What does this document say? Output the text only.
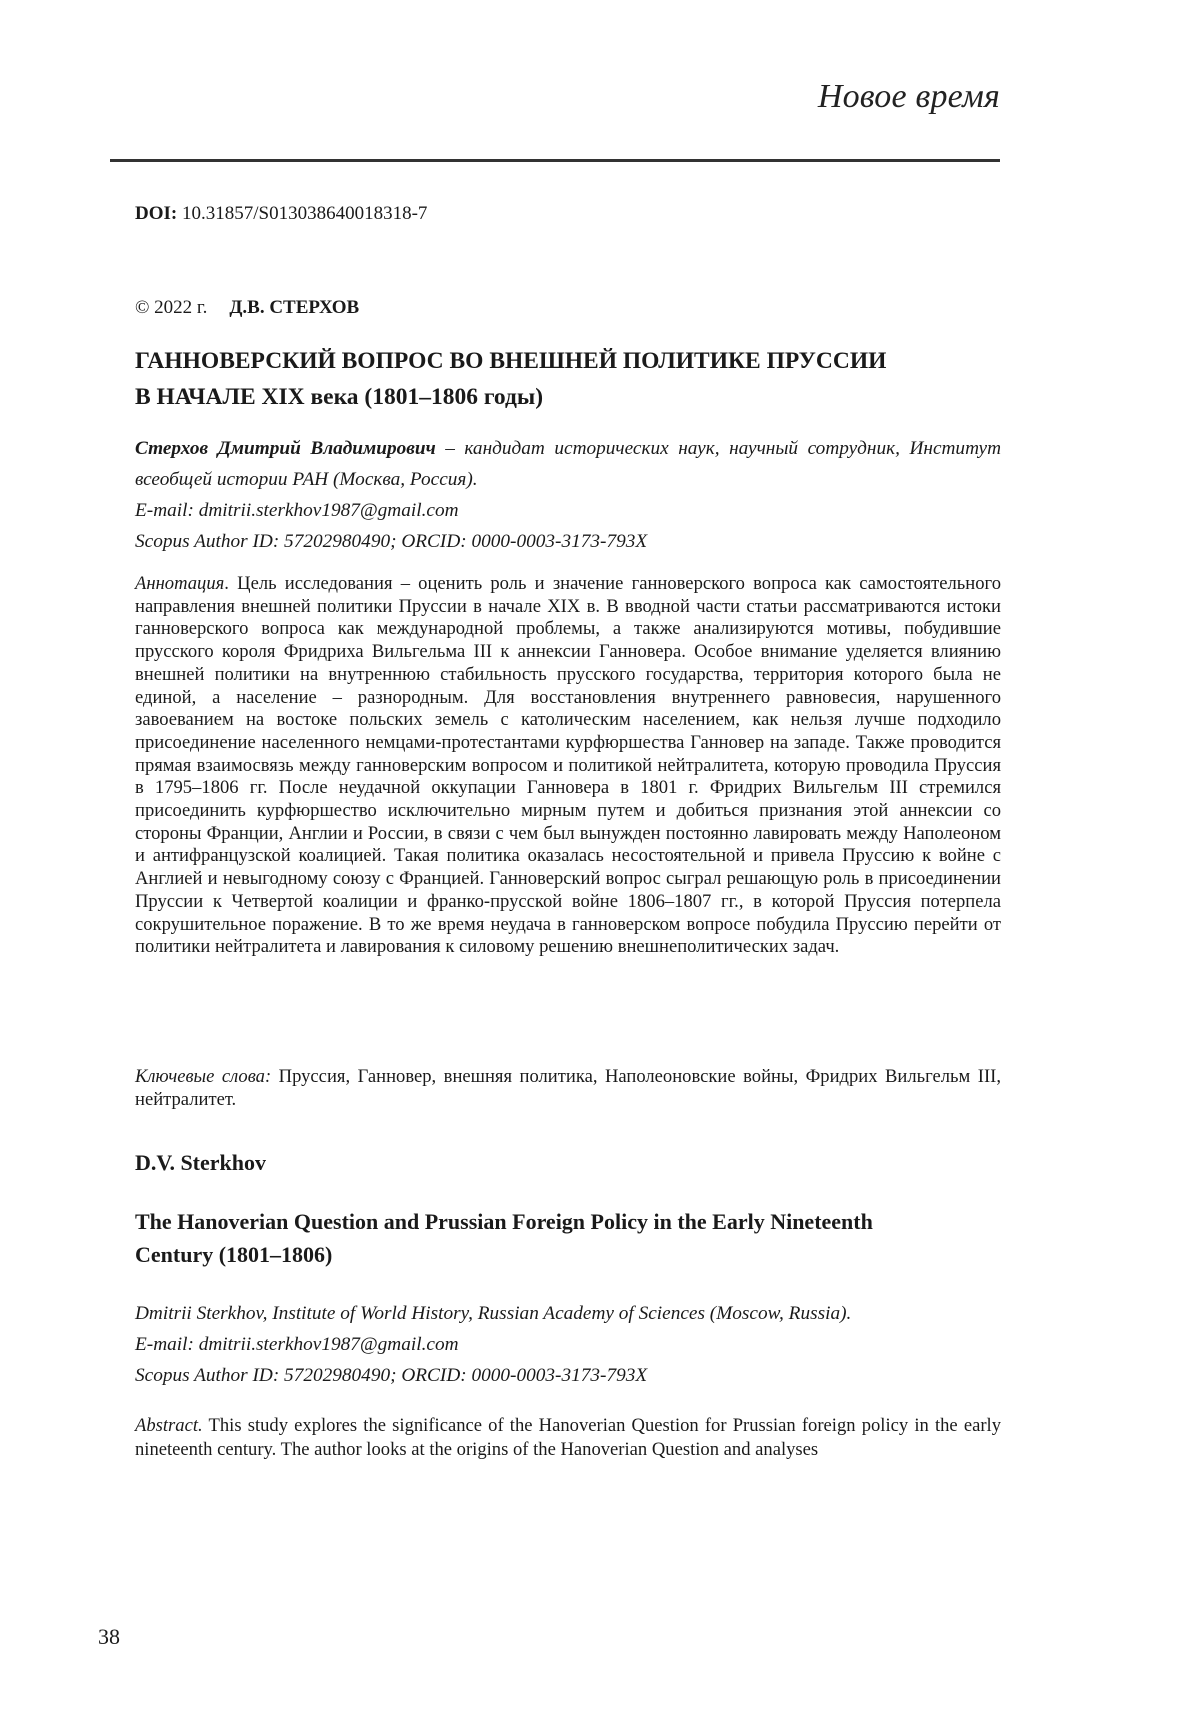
Новое время
DOI: 10.31857/S013038640018318-7
© 2022 г. Д.В. СТЕРХОВ
ГАННОВЕРСКИЙ ВОПРОС ВО ВНЕШНЕЙ ПОЛИТИКЕ ПРУССИИ
В НАЧАЛЕ XIX века (1801–1806 годы)
Стерхов Дмитрий Владимирович – кандидат исторических наук, научный сотрудник, Институт всеобщей истории РАН (Москва, Россия).
E-mail: dmitrii.sterkhov1987@gmail.com
Scopus Author ID: 57202980490; ORCID: 0000-0003-3173-793X
Аннотация. Цель исследования – оценить роль и значение ганноверского вопроса как самостоятельного направления внешней политики Пруссии в начале XIX в. В вводной части статьи рассматриваются истоки ганноверского вопроса как международной проблемы, а также анализируются мотивы, побудившие прусского короля Фридриха Вильгельма III к аннексии Ганновера. Особое внимание уделяется влиянию внешней политики на внутреннюю стабильность прусского государства, территория которого была не единой, а население – разнородным. Для восстановления внутреннего равновесия, нарушенного завоеванием на востоке польских земель с католическим населением, как нельзя лучше подходило присоединение населенного немцами-протестантами курфюршества Ганновер на западе. Также проводится прямая взаимосвязь между ганноверским вопросом и политикой нейтралитета, которую проводила Пруссия в 1795–1806 гг. После неудачной оккупации Ганновера в 1801 г. Фридрих Вильгельм III стремился присоединить курфюршество исключительно мирным путем и добиться признания этой аннексии со стороны Франции, Англии и России, в связи с чем был вынужден постоянно лавировать между Наполеоном и антифранцузской коалицией. Такая политика оказалась несостоятельной и привела Пруссию к войне с Англией и невыгодному союзу с Францией. Ганноверский вопрос сыграл решающую роль в присоединении Пруссии к Четвертой коалиции и франко-прусской войне 1806–1807 гг., в которой Пруссия потерпела сокрушительное поражение. В то же время неудача в ганноверском вопросе побудила Пруссию перейти от политики нейтралитета и лавирования к силовому решению внешнеполитических задач.
Ключевые слова: Пруссия, Ганновер, внешняя политика, Наполеоновские войны, Фридрих Вильгельм III, нейтралитет.
D.V. Sterkhov
The Hanoverian Question and Prussian Foreign Policy in the Early Nineteenth
Century (1801–1806)
Dmitrii Sterkhov, Institute of World History, Russian Academy of Sciences (Moscow, Russia).
E-mail: dmitrii.sterkhov1987@gmail.com
Scopus Author ID: 57202980490; ORCID: 0000-0003-3173-793X
Abstract. This study explores the significance of the Hanoverian Question for Prussian foreign policy in the early nineteenth century. The author looks at the origins of the Hanoverian Question and analyses
38
